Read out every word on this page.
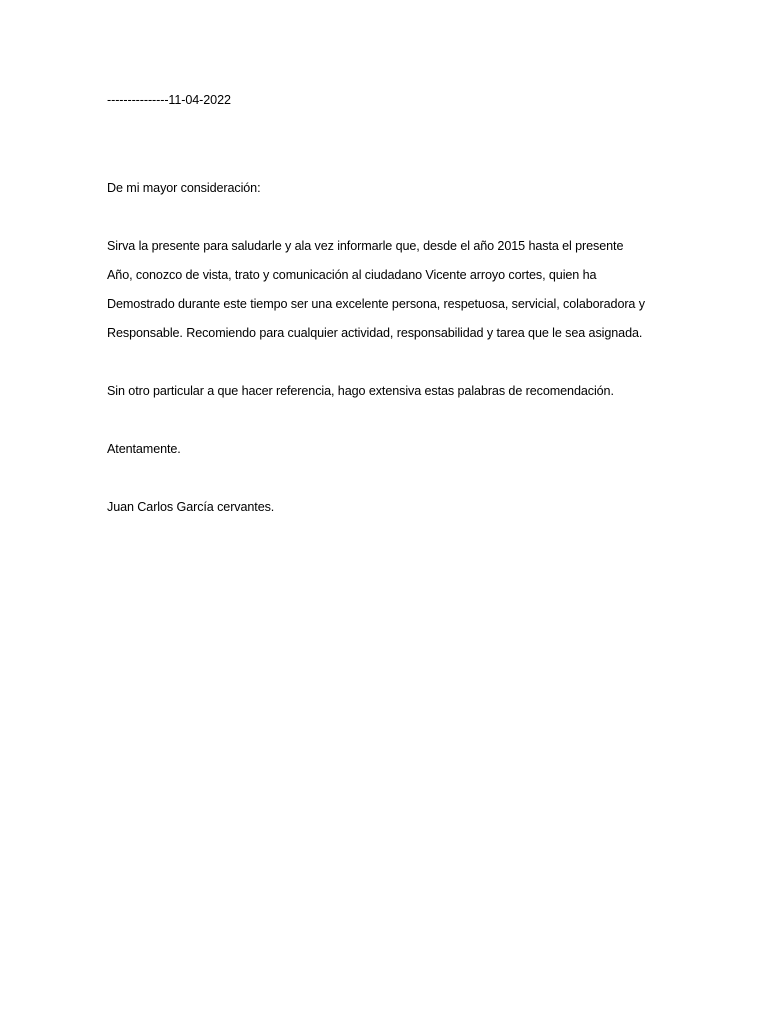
---------------11-04-2022
De mi mayor consideración:
Sirva la presente para saludarle y ala vez informarle que, desde el año 2015 hasta el presente
Año, conozco de vista, trato y comunicación al ciudadano Vicente arroyo cortes, quien ha
Demostrado durante este tiempo ser una excelente persona, respetuosa, servicial, colaboradora y
Responsable. Recomiendo para cualquier actividad, responsabilidad y tarea que le sea asignada.
Sin otro particular a que hacer referencia, hago extensiva estas palabras de recomendación.
Atentamente.
Juan Carlos García cervantes.
